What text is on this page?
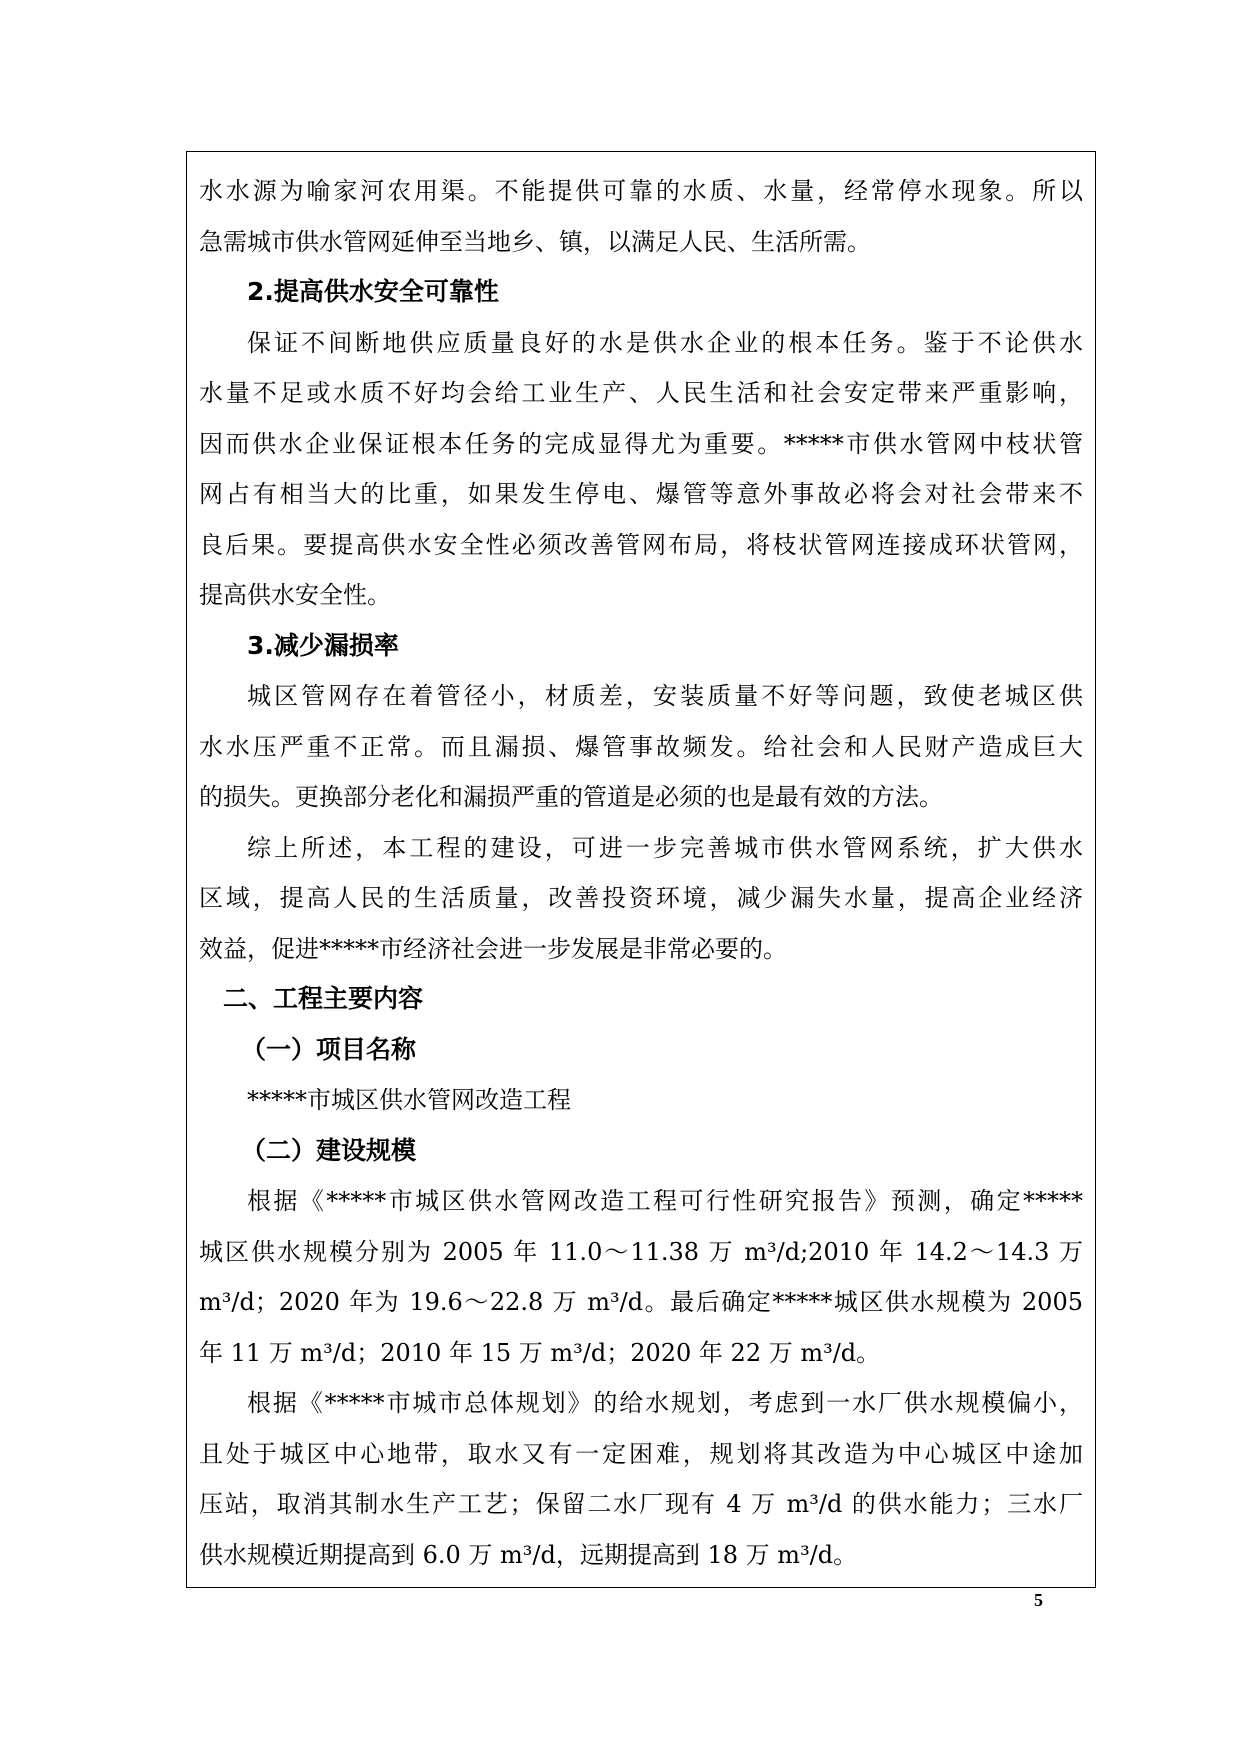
水水源为喻家河农用渠。不能提供可靠的水质、水量，经常停水现象。所以
急需城市供水管网延伸至当地乡、镇，以满足人民、生活所需。
2.提高供水安全可靠性
保证不间断地供应质量良好的水是供水企业的根本任务。鉴于不论供水
水量不足或水质不好均会给工业生产、人民生活和社会安定带来严重影响，
因而供水企业保证根本任务的完成显得尤为重要。*****市供水管网中枝状管
网占有相当大的比重，如果发生停电、爆管等意外事故必将会对社会带来不
良后果。要提高供水安全性必须改善管网布局，将枝状管网连接成环状管网，
提高供水安全性。
3.减少漏损率
城区管网存在着管径小，材质差，安装质量不好等问题，致使老城区供
水水压严重不正常。而且漏损、爆管事故频发。给社会和人民财产造成巨大
的损失。更换部分老化和漏损严重的管道是必须的也是最有效的方法。
综上所述，本工程的建设，可进一步完善城市供水管网系统，扩大供水
区域，提高人民的生活质量，改善投资环境，减少漏失水量，提高企业经济
效益，促进*****市经济社会进一步发展是非常必要的。
二、工程主要内容
（一）项目名称
*****市城区供水管网改造工程
（二）建设规模
根据《*****市城区供水管网改造工程可行性研究报告》预测，确定*****
城区供水规模分别为 2005 年 11.0～11.38 万 m³/d;2010 年 14.2～14.3 万
m³/d；2020 年为 19.6～22.8 万 m³/d。最后确定*****城区供水规模为 2005
年 11 万 m³/d；2010 年 15 万 m³/d；2020 年 22 万 m³/d。
根据《*****市城市总体规划》的给水规划，考虑到一水厂供水规模偏小，
且处于城区中心地带，取水又有一定困难，规划将其改造为中心城区中途加
压站，取消其制水生产工艺；保留二水厂现有 4 万 m³/d 的供水能力；三水厂
供水规模近期提高到 6.0 万 m³/d，远期提高到 18 万 m³/d。
5
